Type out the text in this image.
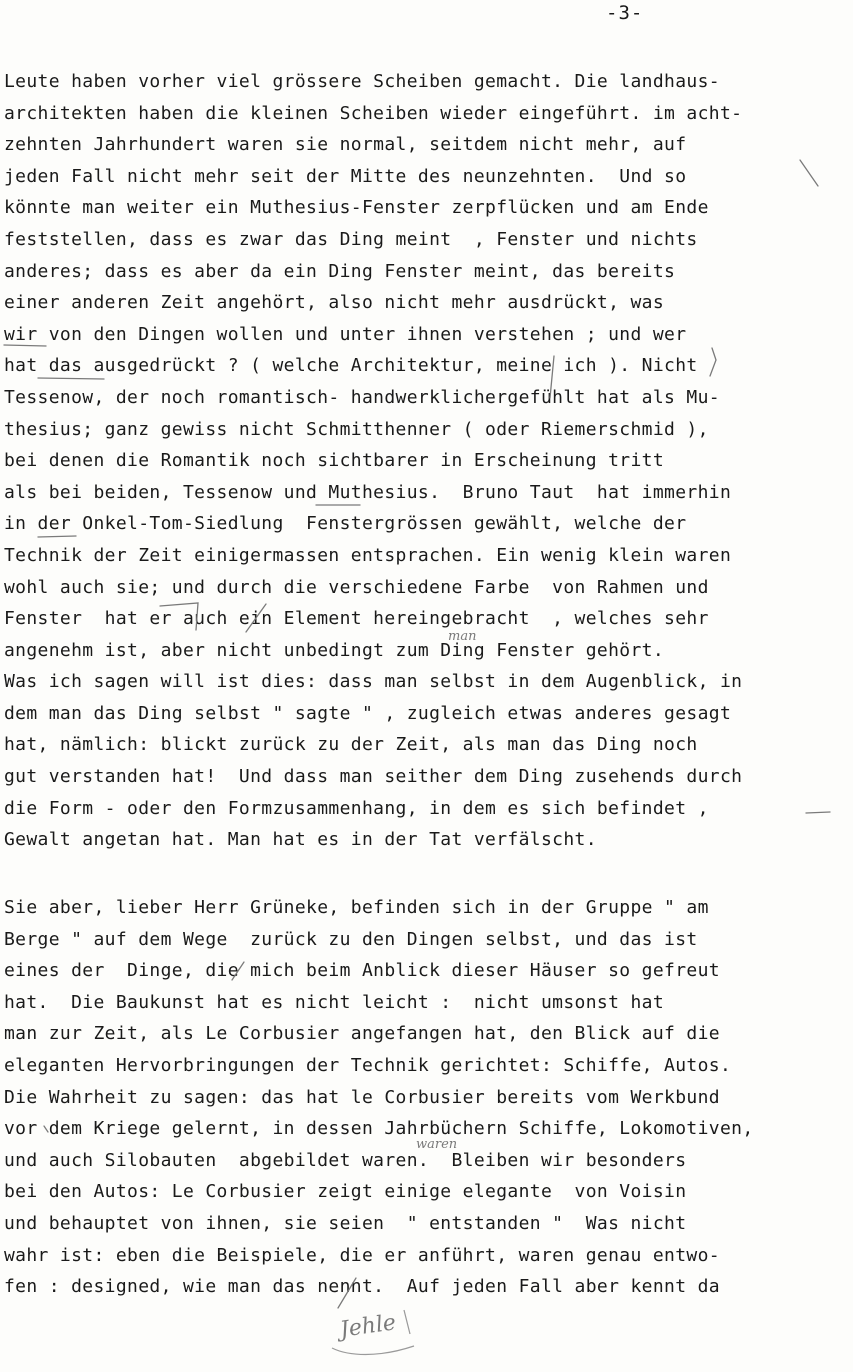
-3-
Leute haben vorher viel grössere Scheiben gemacht. Die landhaus-
architekten haben die kleinen Scheiben wieder eingeführt. im acht-
zehnten Jahrhundert waren sie normal, seitdem nicht mehr, auf
jeden Fall nicht mehr seit der Mitte des neunzehnten.  Und so
könnte man weiter ein Muthesius-Fenster zerpflücken und am Ende
feststellen, dass es zwar das Ding meint  , Fenster und nichts
anderes; dass es aber da ein Ding Fenster meint, das bereits
einer anderen Zeit angehört, also nicht mehr ausdrückt, was
wir von den Dingen wollen und unter ihnen verstehen ; und wer
hat das ausgedrückt ? ( welche Architektur, meine ich ). Nicht
Tessenow, der noch romantisch- handwerklichergefühlt hat als Mu-
thesius; ganz gewiss nicht Schmitthenner ( oder Riemerschmid ),
bei denen die Romantik noch sichtbarer in Erscheinung tritt
als bei beiden, Tessenow und Muthesius.  Bruno Taut  hat immerhin
in der Onkel-Tom-Siedlung  Fenstergrössen gewählt, welche der
Technik der Zeit einigermassen entsprachen. Ein wenig klein waren
wohl auch sie; und durch die verschiedene Farbe  von Rahmen und
Fenster  hat er auch ein Element hereingebracht  , welches sehr
angenehm ist, aber nicht unbedingt zum Ding Fenster gehört.
Was ich sagen will ist dies: dass man selbst in dem Augenblick, in
dem man das Ding selbst " sagte " , zugleich etwas anderes gesagt
hat, nämlich: blickt zurück zu der Zeit, als man das Ding noch
gut verstanden hat!  Und dass man seither dem Ding zusehends durch
die Form - oder den Formzusammenhang, in dem es sich befindet ,
Gewalt angetan hat. Man hat es in der Tat verfälscht.
Sie aber, lieber Herr Grüneke, befinden sich in der Gruppe " am
Berge " auf dem Wege  zurück zu den Dingen selbst, und das ist
eines der  Dinge, die mich beim Anblick dieser Häuser so gefreut
hat.  Die Baukunst hat es nicht leicht :  nicht umsonst hat
man zur Zeit, als Le Corbusier angefangen hat, den Blick auf die
eleganten Hervorbringungen der Technik gerichtet: Schiffe, Autos.
Die Wahrheit zu sagen: das hat le Corbusier bereits vom Werkbund
vor dem Kriege gelernt, in dessen Jahrbüchern Schiffe, Lokomotiven,
und auch Silobauten  abgebildet waren.  Bleiben wir besonders
bei den Autos: Le Corbusier zeigt einige elegante  von Voisin
und behauptet von ihnen, sie seien  " entstanden "  Was nicht
wahr ist: eben die Beispiele, die er anführt, waren genau entwo-
fen : designed, wie man das nennt.  Auf jeden Fall aber kennt da
man
waren
Jehle
